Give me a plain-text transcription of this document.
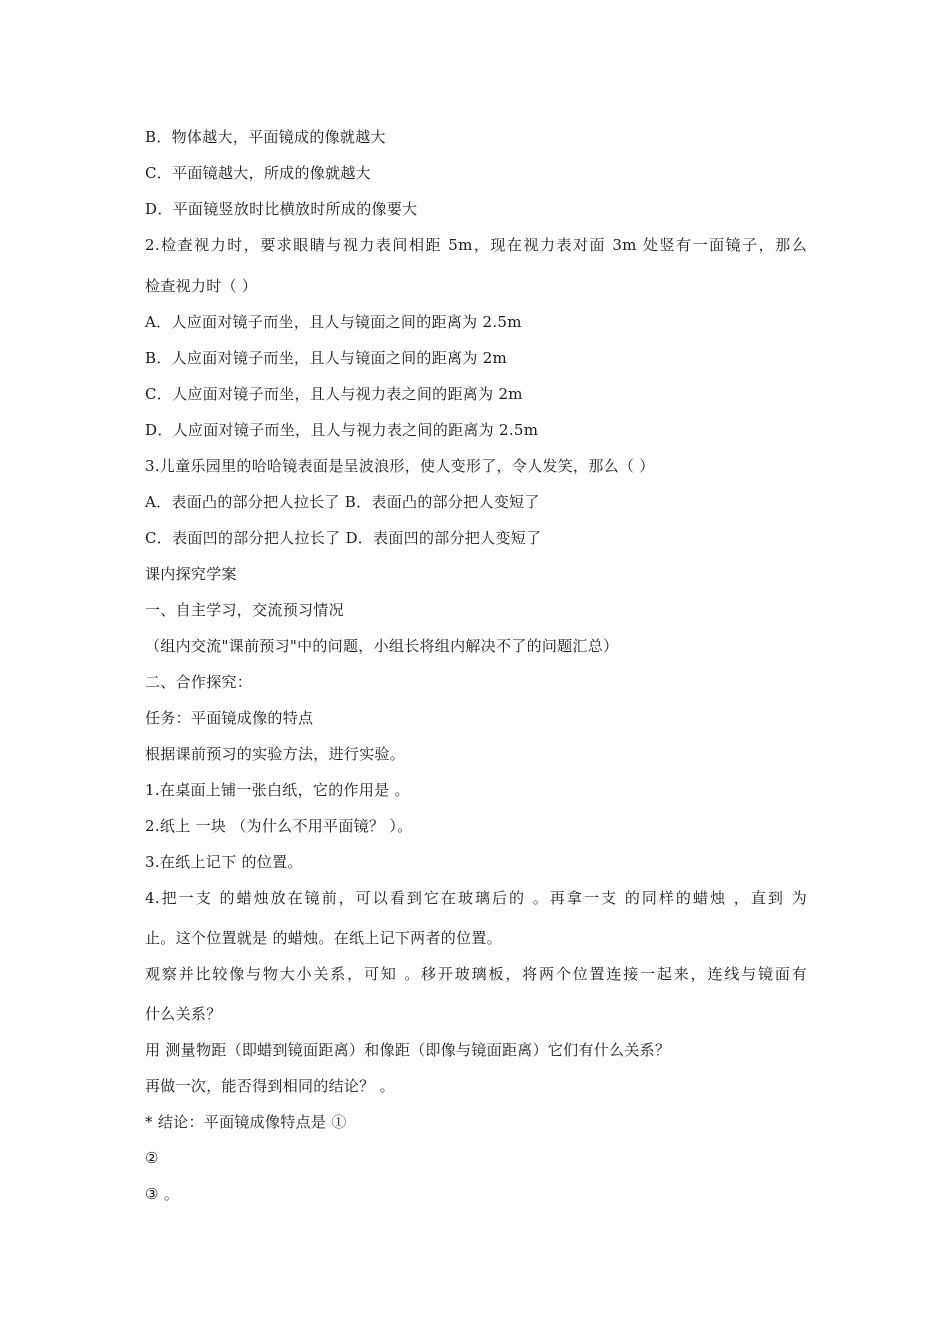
B．物体越大，平面镜成的像就越大
C．平面镜越大，所成的像就越大
D．平面镜竖放时比横放时所成的像要大
2.检查视力时，要求眼睛与视力表间相距 5m，现在视力表对面 3m 处竖有一面镜子，那么
检查视力时（ ）
A．人应面对镜子而坐，且人与镜面之间的距离为 2.5m
B．人应面对镜子而坐，且人与镜面之间的距离为 2m
C．人应面对镜子而坐，且人与视力表之间的距离为 2m
D．人应面对镜子而坐，且人与视力表之间的距离为 2.5m
3.儿童乐园里的哈哈镜表面是呈波浪形，使人变形了，令人发笑，那么（ ）
A．表面凸的部分把人拉长了 B．表面凸的部分把人变短了
C．表面凹的部分把人拉长了 D．表面凹的部分把人变短了
课内探究学案
一、自主学习，交流预习情况
（组内交流"课前预习"中的问题，小组长将组内解决不了的问题汇总）
二、合作探究：
任务：平面镜成像的特点
根据课前预习的实验方法，进行实验。
1.在桌面上铺一张白纸，它的作用是 。
2.纸上 一块 （为什么不用平面镜？ ）。
3.在纸上记下 的位置。
4.把一支 的蜡烛放在镜前，可以看到它在玻璃后的 。再拿一支 的同样的蜡烛 ，直到 为
止。这个位置就是 的蜡烛。在纸上记下两者的位置。
观察并比较像与物大小关系，可知 。移开玻璃板，将两个位置连接一起来，连线与镜面有
什么关系？
用 测量物距（即蜡到镜面距离）和像距（即像与镜面距离）它们有什么关系？
再做一次，能否得到相同的结论？ 。
* 结论：平面镜成像特点是 ①
②
③ 。
